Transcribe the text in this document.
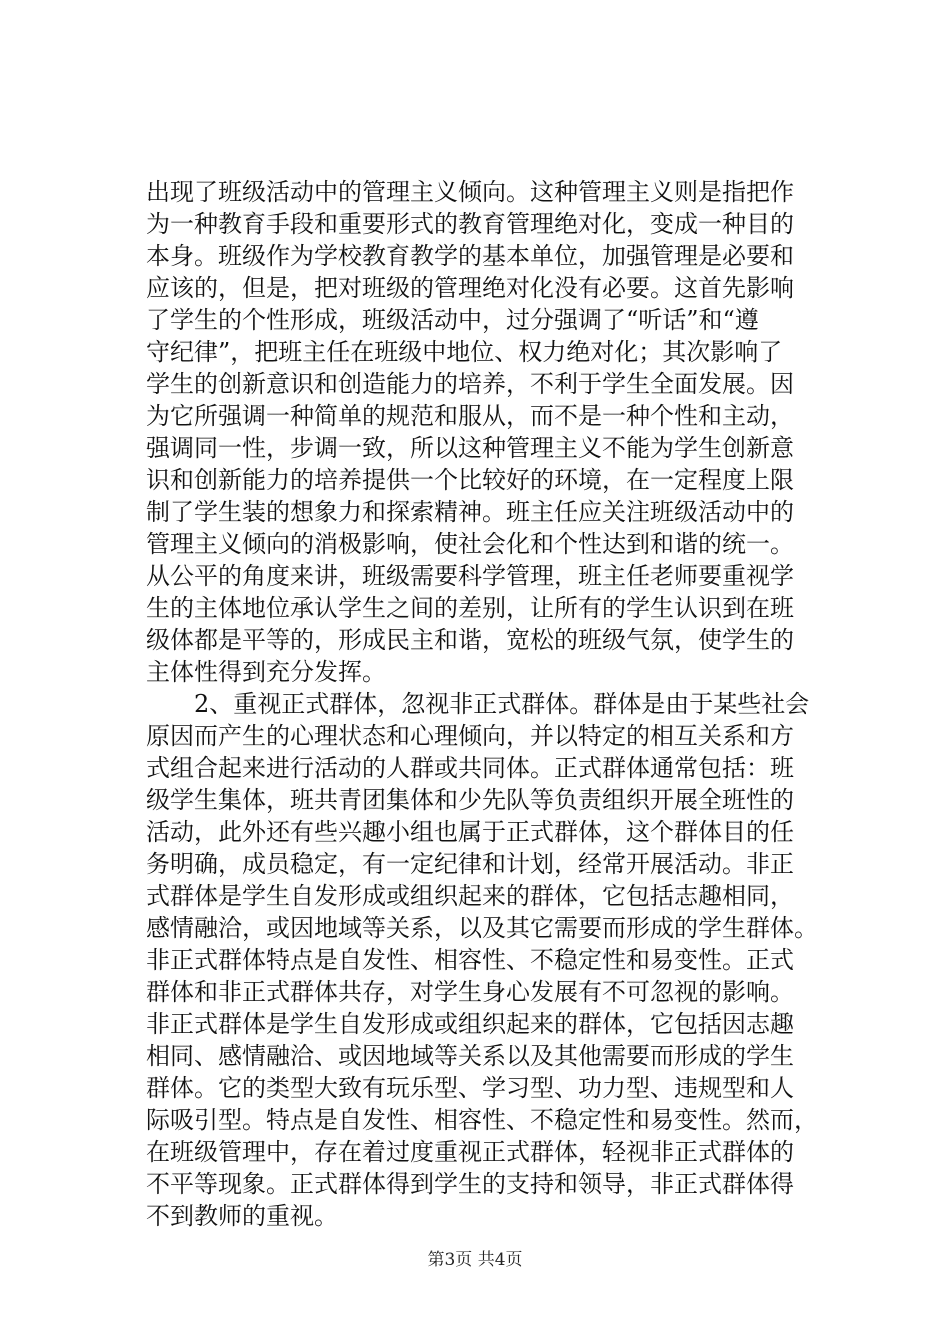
出现了班级活动中的管理主义倾向。这种管理主义则是指把作
为一种教育手段和重要形式的教育管理绝对化，变成一种目的
本身。班级作为学校教育教学的基本单位，加强管理是必要和
应该的，但是，把对班级的管理绝对化没有必要。这首先影响
了学生的个性形成，班级活动中，过分强调了“听话”和“遵
守纪律”，把班主任在班级中地位、权力绝对化；其次影响了
学生的创新意识和创造能力的培养，不利于学生全面发展。因
为它所强调一种简单的规范和服从，而不是一种个性和主动，
强调同一性，步调一致，所以这种管理主义不能为学生创新意
识和创新能力的培养提供一个比较好的环境，在一定程度上限
制了学生装的想象力和探索精神。班主任应关注班级活动中的
管理主义倾向的消极影响，使社会化和个性达到和谐的统一。
从公平的角度来讲，班级需要科学管理，班主任老师要重视学
生的主体地位承认学生之间的差别，让所有的学生认识到在班
级体都是平等的，形成民主和谐，宽松的班级气氛，使学生的
主体性得到充分发挥。
2、重视正式群体，忽视非正式群体。群体是由于某些社会
原因而产生的心理状态和心理倾向，并以特定的相互关系和方
式组合起来进行活动的人群或共同体。正式群体通常包括：班
级学生集体，班共青团集体和少先队等负责组织开展全班性的
活动，此外还有些兴趣小组也属于正式群体，这个群体目的任
务明确，成员稳定，有一定纪律和计划，经常开展活动。非正
式群体是学生自发形成或组织起来的群体，它包括志趣相同，
感情融洽，或因地域等关系，以及其它需要而形成的学生群体。
非正式群体特点是自发性、相容性、不稳定性和易变性。正式
群体和非正式群体共存，对学生身心发展有不可忽视的影响。
非正式群体是学生自发形成或组织起来的群体，它包括因志趣
相同、感情融洽、或因地域等关系以及其他需要而形成的学生
群体。它的类型大致有玩乐型、学习型、功力型、违规型和人
际吸引型。特点是自发性、相容性、不稳定性和易变性。然而，
在班级管理中，存在着过度重视正式群体，轻视非正式群体的
不平等现象。正式群体得到学生的支持和领导，非正式群体得
不到教师的重视。
第3页 共4页
